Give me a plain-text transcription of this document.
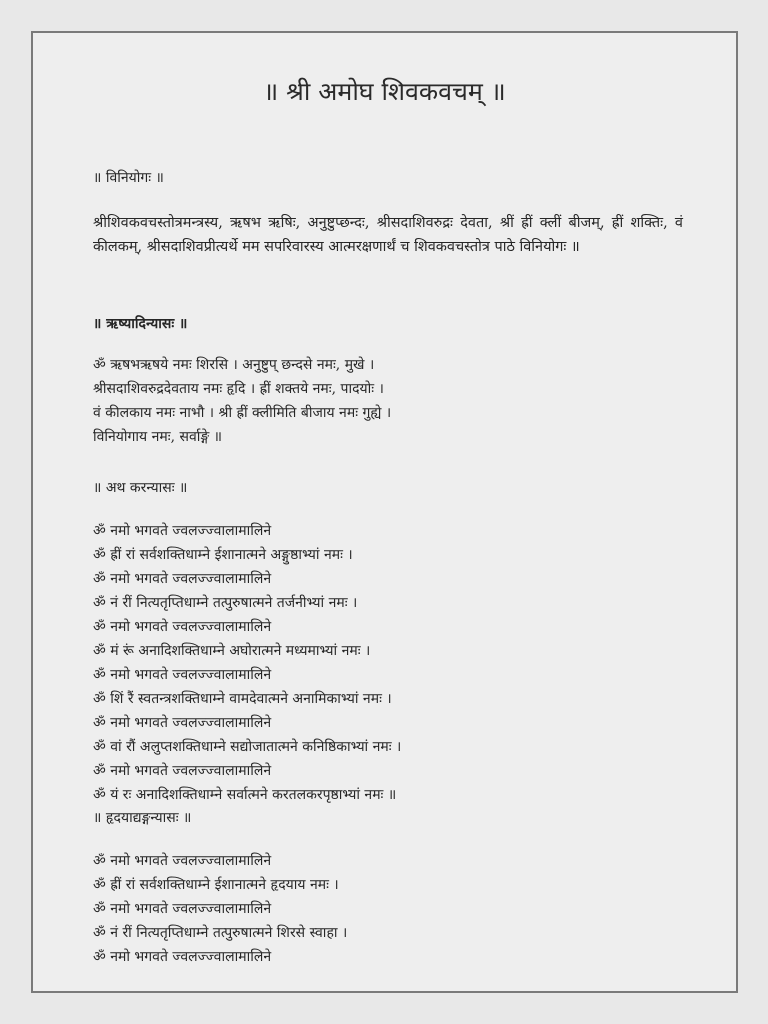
॥ श्री अमोघ शिवकवचम् ॥
॥ विनियोगः ॥
श्रीशिवकवचस्तोत्रमन्त्रस्य, ऋषभ ऋषिः, अनुष्टुप्छन्दः, श्रीसदाशिवरुद्रः देवता, श्रीं ह्रीं क्लीं बीजम्, ह्रीं शक्तिः, वं कीलकम्, श्रीसदाशिवप्रीत्यर्थे मम सपरिवारस्य आत्मरक्षणार्थं च शिवकवचस्तोत्र पाठे विनियोगः ॥
॥ ऋष्यादिन्यासः ॥
ॐ ऋषभऋषये नमः शिरसि । अनुष्टुप् छन्दसे नमः, मुखे ।
श्रीसदाशिवरुद्रदेवताय नमः हृदि । ह्रीं शक्तये नमः, पादयोः ।
वं कीलकाय नमः नाभौ । श्री ह्रीं क्लीमिति बीजाय नमः गुह्ये ।
विनियोगाय नमः, सर्वाङ्गे ॥
॥ अथ करन्यासः ॥
ॐ नमो भगवते ज्वलज्ज्वालामालिने
ॐ ह्रीं रां सर्वशक्तिधाम्ने ईशानात्मने अङ्गुष्ठाभ्यां नमः ।
ॐ नमो भगवते ज्वलज्ज्वालामालिने
ॐ नं रीं नित्यतृप्तिधाम्ने तत्पुरुषात्मने तर्जनीभ्यां नमः ।
ॐ नमो भगवते ज्वलज्ज्वालामालिने
ॐ मं रूं अनादिशक्तिधाम्ने अघोरात्मने मध्यमाभ्यां नमः ।
ॐ नमो भगवते ज्वलज्ज्वालामालिने
ॐ शिं रैं स्वतन्त्रशक्तिधाम्ने वामदेवात्मने अनामिकाभ्यां नमः ।
ॐ नमो भगवते ज्वलज्ज्वालामालिने
ॐ वां रौं अलुप्तशक्तिधाम्ने सद्योजातात्मने कनिष्ठिकाभ्यां नमः ।
ॐ नमो भगवते ज्वलज्ज्वालामालिने
ॐ यं रः अनादिशक्तिधाम्ने सर्वात्मने करतलकरपृष्ठाभ्यां नमः ॥
॥ हृदयाद्यङ्गन्यासः ॥
ॐ नमो भगवते ज्वलज्ज्वालामालिने
ॐ ह्रीं रां सर्वशक्तिधाम्ने ईशानात्मने हृदयाय नमः ।
ॐ नमो भगवते ज्वलज्ज्वालामालिने
ॐ नं रीं नित्यतृप्तिधाम्ने तत्पुरुषात्मने शिरसे स्वाहा ।
ॐ नमो भगवते ज्वलज्ज्वालामालिने
